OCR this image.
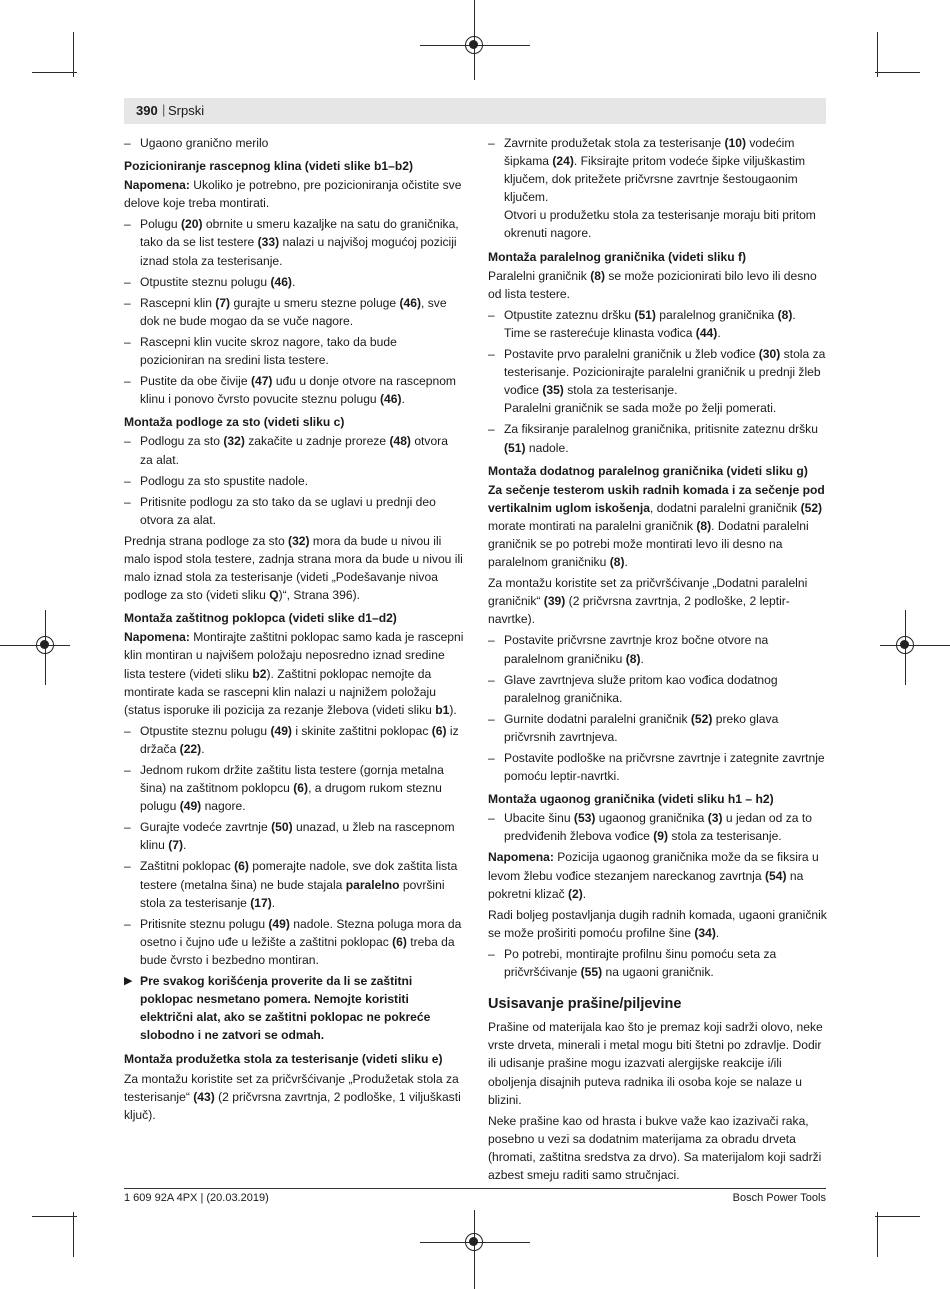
390 | Srpski
– Ugaono granično merilo
Pozicioniranje rascepnog klina (videti slike b1–b2)
Napomena: Ukoliko je potrebno, pre pozicioniranja očistite sve delove koje treba montirati.
– Polugu (20) obrnite u smeru kazaljke na satu do graničnika, tako da se list testere (33) nalazi u najvišoj mogućoj poziciji iznad stola za testerisanje.
– Otpustite steznu polugu (46).
– Rascepni klin (7) gurajte u smeru stezne poluge (46), sve dok ne bude mogao da se vuče nagore.
– Rascepni klin vucite skroz nagore, tako da bude pozicioniran na sredini lista testere.
– Pustite da obe čivije (47) uđu u donje otvore na rascepnom klinu i ponovo čvrsto povucite steznu polugu (46).
Montaža podloge za sto (videti sliku c)
– Podlogu za sto (32) zakačite u zadnje proreze (48) otvora za alat.
– Podlogu za sto spustite nadole.
– Pritisnite podlogu za sto tako da se uglavi u prednji deo otvora za alat.
Prednja strana podloge za sto (32) mora da bude u nivou ili malo ispod stola testere, zadnja strana mora da bude u nivou ili malo iznad stola za testerisanje (videti „Podešavanje nivoa podloge za sto (videti sliku Q)“, Strana 396).
Montaža zaštitnog poklopca (videti slike d1–d2)
Napomena: Montirajte zaštitni poklopac samo kada je rascepni klin montiran u najvišem položaju neposredno iznad sredine lista testere (videti sliku b2). Zaštitni poklopac nemojte da montirate kada se rascepni klin nalazi u najnižem položaju (status isporuke ili pozicija za rezanje žlebova (videti sliku b1).
– Otpustite steznu polugu (49) i skinite zaštitni poklopac (6) iz držača (22).
– Jednom rukom držite zaštitu lista testere (gornja metalna šina) na zaštitnom poklopcu (6), a drugom rukom steznu polugu (49) nagore.
– Gurajte vodeće zavrtnje (50) unazad, u žleb na rascepnom klinu (7).
– Zaštitni poklopac (6) pomerajte nadole, sve dok zaštita lista testere (metalna šina) ne bude stajala paralelno površini stola za testerisanje (17).
– Pritisnite steznu polugu (49) nadole. Stezna poluga mora da osetno i čujno uđe u ležište a zaštitni poklopac (6) treba da bude čvrsto i bezbedno montiran.
▶ Pre svakog korišćenja proverite da li se zaštitni poklopac nesmetano pomera. Nemojte koristiti električni alat, ako se zaštitni poklopac ne pokreće slobodno i ne zatvori se odmah.
Montaža produžetka stola za testerisanje (videti sliku e)
Za montažu koristite set za pričvršćivanje „Produžetak stola za testerisanje“ (43) (2 pričvrsna zavrtnja, 2 podloške, 1 viljuškasti ključ).
– Zavrnite produžetak stola za testerisanje (10) vodećim šipkama (24). Fiksirajte pritom vodeće šipke viljuškastim ključem, dok pritežete pričvrsne zavrtnje šestougaonim ključem.
Otvori u produžetku stola za testerisanje moraju biti pritom okrenuti nagore.
Montaža paralelnog graničnika (videti sliku f)
Paralelni graničnik (8) se može pozicionirati bilo levo ili desno od lista testere.
– Otpustite zateznu dršku (51) paralelnog graničnika (8).
Time se rasterećuje klinasta vođica (44).
– Postavite prvo paralelni graničnik u žleb vođice (30) stola za testerisanje. Pozicionirajte paralelni graničnik u prednji žleb vođice (35) stola za testerisanje.
Paralelni graničnik se sada može po želji pomerati.
– Za fiksiranje paralelnog graničnika, pritisnite zateznu dršku (51) nadole.
Montaža dodatnog paralelnog graničnika (videti sliku g)
Za sečenje testerom uskih radnih komada i za sečenje pod vertikalnim uglom iskošenja, dodatni paralelni graničnik (52) morate montirati na paralelni graničnik (8). Dodatni paralelni graničnik se po potrebi može montirati levo ili desno na paralelnom graničniku (8).
Za montažu koristite set za pričvršćivanje „Dodatni paralelni graničnik“ (39) (2 pričvrsna zavrtnja, 2 podloške, 2 leptir-navrtke).
– Postavite pričvrsne zavrtnje kroz bočne otvore na paralelnom graničniku (8).
– Glave zavrtnjeva služe pritom kao vođica dodatnog paralelnog graničnika.
– Gurnite dodatni paralelni graničnik (52) preko glava pričvrsnih zavrtnjeva.
– Postavite podloške na pričvrsne zavrtnje i zategnite zavrtnje pomoću leptir-navrtki.
Montaža ugaonog graničnika (videti sliku h1 – h2)
– Ubacite šinu (53) ugaonog graničnika (3) u jedan od za to predviđenih žlebova vođice (9) stola za testerisanje.
Napomena: Pozicija ugaonog graničnika može da se fiksira u levom žlebu vođice stezanjem nareckanog zavrtnja (54) na pokretni klizač (2).
Radi boljeg postavljanja dugih radnih komada, ugaoni graničnik se može proširiti pomoću profilne šine (34).
– Po potrebi, montirajte profilnu šinu pomoću seta za pričvršćivanje (55) na ugaoni graničnik.
Usisavanje prašine/piljevine
Prašine od materijala kao što je premaz koji sadrži olovo, neke vrste drveta, minerali i metal mogu biti štetni po zdravlje. Dodir ili udisanje prašine mogu izazvati alergijske reakcije i/ili oboljenja disajnih puteva radnika ili osoba koje se nalaze u blizini.
Neke prašine kao od hrasta i bukve važe kao izazivači raka, posebno u vezi sa dodatnim materijama za obradu drveta (hromati, zaštitna sredstva za drvo). Sa materijalom koji sadrži azbest smeju raditi samo stručnjaci.
1 609 92A 4PX | (20.03.2019)	Bosch Power Tools
